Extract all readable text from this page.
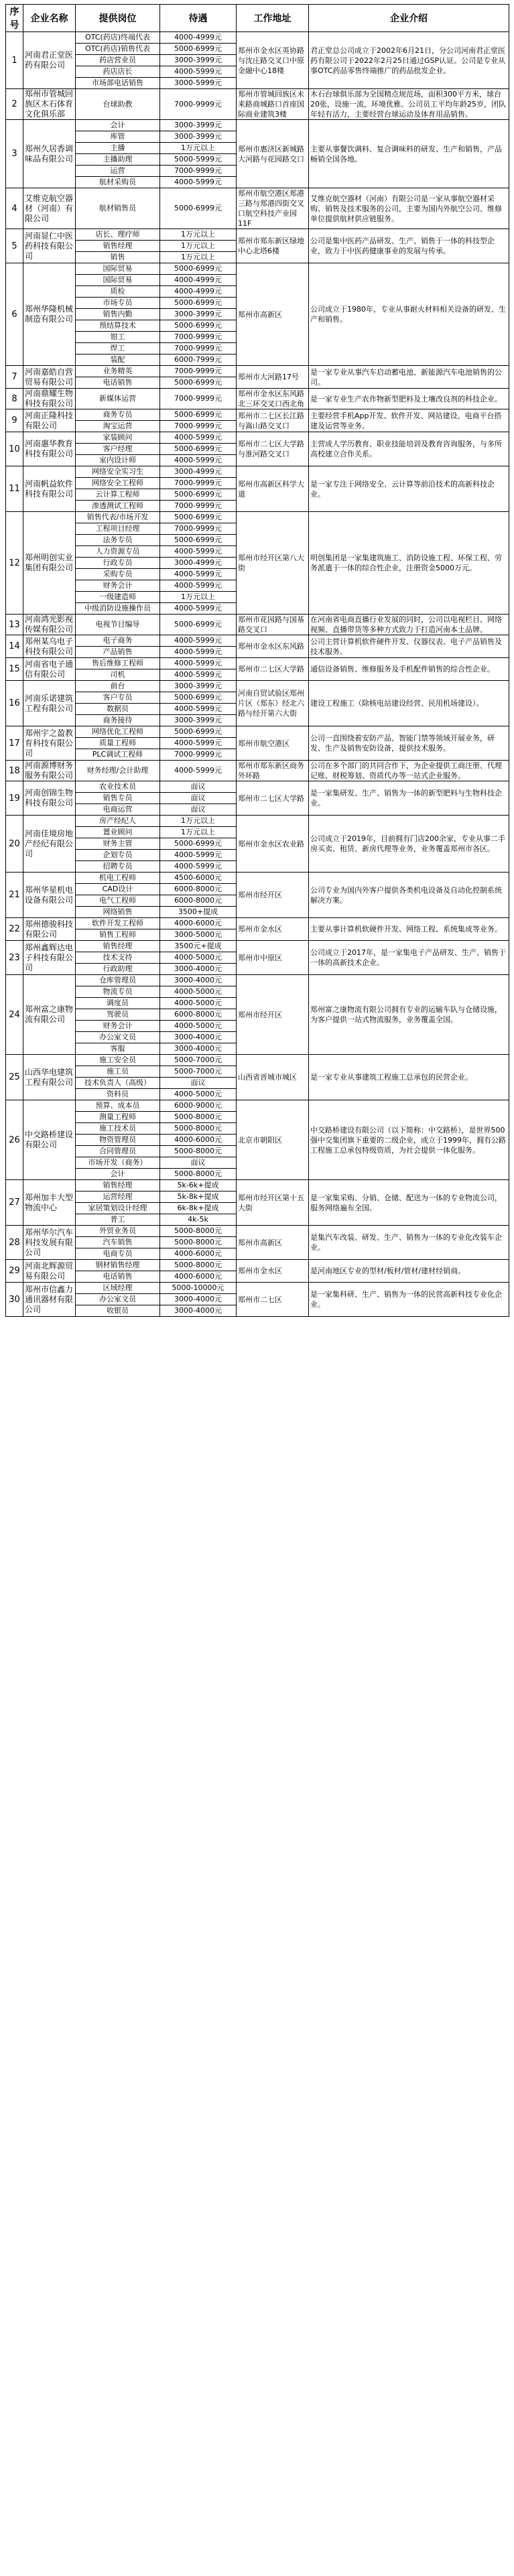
序号	企业名称	提供岗位	待遇	工作地址	企业介绍
1	河南君正堂医药有限公司	OTC(药店)终端代表	4000-4999元	郑州市金水区英协路与沈庄路交叉口中原金融中心18楼	君正堂总公司成立于2002年6月21日，分公司河南君正堂医药有限公司于2022年2月25日通过GSP认证。公司是专业从事OTC药品零售终端推广的药品批发企业。
		OTC(药店)销售代表	5000-6999元		
		药店营业员	3000-3999元		
		药店店长	4000-5999元		
		市场部电话销售	3000-5999元		
2	郑州市管城回族区木石体育文化俱乐部	台球助教	7000-9999元	郑州市管城回族区未来路商城路口首座国际商业建筑3楼	木石台球俱乐部为全国精点规范场，面积300平方米，球台20张，设施一流，环境优雅。公司员工平均年龄25岁，团队年轻有活力，主要经营台球运动及体育用品销售。
3	郑州久居香调味品有限公司	会计	3000-3999元	郑州市惠济区新城路大河路与花园路交口	主要从事餐饮调料、复合调味料的研发、生产和销售，产品畅销全国各地。
		库管	3000-3999元		
		主播	1万元以上		
		主播助理	5000-5999元		
		运营	7000-9999元		
		航材采购员	4000-5999元		
4	艾维克航空器材（河南）有限公司	航材销售员	5000-6999元	郑州市航空港区郑港三路与郑港四街交叉口航空科技产业园11F	艾维克航空器材（河南）有限公司是一家从事航空器材采购、销售及技术服务的公司，主要为国内外航空公司、维修单位提供航材供应链服务。
5	河南显仁中医药科技有限公司	店长、理疗师	1万元以上	郑州市郑东新区绿地中心北塔6楼	公司是集中医药产品研发、生产、销售于一体的科技型企业，致力于中医药健康事业的发展与传承。
		销售经理	1万元以上		
		销售	1万元以上		
6	郑州华隆机械制造有限公司	国际贸易	5000-6999元	郑州市高新区	公司成立于1980年，专业从事耐火材料相关设备的研发、生产和销售。
		国际贸易	4000-4999元		
		质检	4000-4999元		
		市场专员	5000-6999元		
		销售内勤	3000-3999元		
		预结算技术	5000-6999元		
		钳工	7000-9999元		
		焊工	7000-9999元		
		装配	6000-7999元		
7	河南嘉皓自营贸易有限公司	业务精英	7000-9999元	郑州市大河路17号	是一家专业从事汽车启动蓄电池、新能源汽车电池销售的公司。
		电话销售	5000-6999元		
8	河南鼎耀生物科技有限公司	新媒体运营	7000-9999元	郑州市金水区东风路北三环交叉口西北角	是一家专业生产农作物新型肥料及土壤改良剂的科技企业。
9	河南正隆科技有限公司	商务专员	5000-6999元	郑州市二七区长江路与嵩山路交叉口	主要经营手机App开发、软件开发、网站建设、电商平台搭建及运营等业务。
		淘宝运营	7000-9999元		
10	河南惠华教育科技有限公司	家装顾问	4000-5999元	郑州市二七区大学路与淮河路交叉口	主营成人学历教育、职业技能培训及教育咨询服务，与多所高校建立合作关系。
		客户经理	5000-6999元		
		室内设计师	4000-5999元		
11	河南帆益软件科技有限公司	网络安全实习生	3000-4999元	郑州市高新区科学大道	是一家专注于网络安全、云计算等前沿技术的高新科技企业。
		网络安全工程师	7000-9999元		
		云计算工程师	5000-6999元		
		渗透测试工程师	7000-9999元		
12	郑州明创实业集团有限公司	销售代表/市场开发	5000-6999元	郑州市经开区第八大街	明创集团是一家集建筑施工、消防设施工程、环保工程、劳务派遣于一体的综合性企业，注册资金5000万元。
		工程项目经理	7000-9999元		
		法务专员	5000-6999元		
		人力资源专员	4000-5999元		
		行政专员	3000-4999元		
		采购专员	4000-5999元		
		财务会计	4000-5999元		
		一级建造师	1万元以上		
		中级消防设施操作员	4000-5999元		
13	河南鸿光影视传媒有限公司	电视节目编导	5000-6999元	郑州市花园路与国基路交叉口	在河南省电商直播行业发展的同时，公司以电视栏目、网络视频、直播带货等多种方式致力于打造河南本土品牌。
14	郑州某乌电子科技有限公司	电子商务	4000-5999元	郑州市金水区东风路	公司主营计算机软件硬件开发、仪器仪表、电子产品销售及技术服务。
		产品销售	4000-5999元		
15	河南省电子通信有限公司	售后维修工程师	4000-5999元	郑州市二七区大学路	通信设备销售、维修服务及手机配件销售的综合性企业。
		司机	4000-5999元		
16	河南乐诺建筑工程有限公司	前台	3000-3999元	河南自贸试验区郑州片区（郑东）经北六路与经开第六大街	建设工程施工（除核电站建设经营、民用机场建设）。
		客户专员	5000-6999元		
		数据员	4000-5999元		
		商务接待	3000-3999元		
17	郑州宇之盈教育科技有限公司	网络优化工程师	5000-6999元	郑州市航空港区	公司一直围绕着安防产品、智能门禁等领域开展业务，研发、生产及销售安防设备，提供技术服务。
		质量工程师	4000-5999元		
		PLC调试工程师	7000-9999元		
18	河南源博财务服务有限公司	财务经理/会计助理	4000-5999元	郑州市郑东新区商务外环路	公司在多个部门的共同合作下，为企业提供工商注册、代理记账、财税筹划、资质代办等一站式企业服务。
19	河南创锦生物科技有限公司	农业技术员	面议	郑州市二七区大学路	是一家集研发、生产、销售为一体的新型肥料与生物科技企业。
		销售专员	面议		
		电商运营	面议		
20	河南佳境房地产经纪有限公司	房产经纪人	1万元以上	郑州市金水区农业路	公司成立于2019年，目前拥有门店200余家，专业从事二手房买卖、租赁、新房代理等业务，业务覆盖郑州市各区。
		置业顾问	1万元以上		
		财务主管	5000-6999元		
		企划专员	4000-5999元		
		招聘专员	4000-5999元		
21	郑州华星机电设备有限公司	机电工程师	4500-6000元	郑州市经开区	公司专业为国内外客户提供各类机电设备及自动化控制系统解决方案。
		CAD设计	6000-8000元		
		电气工程师	6000-8000元		
		网络销售	3500+提成		
22	郑州德骏科技有限公司	软件开发工程师	4000-6000元	郑州市金水区	主要从事计算机软硬件开发、网络工程、系统集成等业务。
		销售工程师	3000-5000元		
23	郑州鑫辉达电子科技有限公司	销售经理	3500元+提成	郑州市中原区	公司成立于2017年，是一家集电子产品研发、生产、销售于一体的高新技术企业。
		技术支持	4000-5000元		
		行政助理	3000-4000元		
24	郑州富之康物流有限公司	仓库管理员	3000-4000元	郑州市经开区	郑州富之康物流有限公司拥有专业的运输车队与仓储设施，为客户提供一站式物流服务，业务覆盖全国。
		物流专员	4000-5000元		
		调度员	4000-5000元		
		驾驶员	6000-8000元		
		财务会计	4000-5000元		
		办公室文员	3000-4000元		
		客服	3000-4000元		
25	山西华电建筑工程有限公司	施工安全员	5000-7000元	山西省晋城市城区	是一家专业从事建筑工程施工总承包的民营企业。
		施工员	5000-7000元		
		技术负责人（高级）	面议		
		资料员	4000-5000元		
26	中交路桥建设有限公司	预算、成本员	6000-9000元	北京市朝阳区	中交路桥建设有限公司（以下简称：中交路桥），是世界500强中交集团旗下重要的二级企业，成立于1999年，拥有公路工程施工总承包特级资质，为社会提供一体化服务。
		测量工程师	5000-8000元		
		施工技术员	5000-8000元		
		物资管理员	4000-6000元		
		合同管理员	5000-8000元		
		市场开发（商务）	面议		
		会计	5000-8000元		
27	郑州加丰大型物流中心	销售经理	5k-6k+提成	郑州市经开区第十五大街	是一家集采购、分销、仓储、配送为一体的专业物流公司，服务网络遍布全国。
		运营经理	5k-8k+提成		
		家居策划设计经理	6k-8k+提成		
		普工	4k-5k		
28	郑州华尔汽车科技发展有限公司	外贸业务员	5000-8000元	郑州市高新区	是集汽车改装、研发、生产、销售为一体的专业化改装车企业。
		汽车销售	5000-8000元		
		电商专员	4000-6000元		
29	河南北辉源贸易有限公司	钢材销售经理	5000-8000元	郑州市金水区	是河南地区专业的型材/板材/管材/建材经销商。
		电话销售	4000-6000元		
30	郑州市信鑫力通讯器材有限公司	区域经理	5000-10000元	郑州市二七区	是一家集科研、生产、销售为一体的民营高新科技专业化企业。
		办公室文员	3000-4000元		
		收银员	3000-4000元		
